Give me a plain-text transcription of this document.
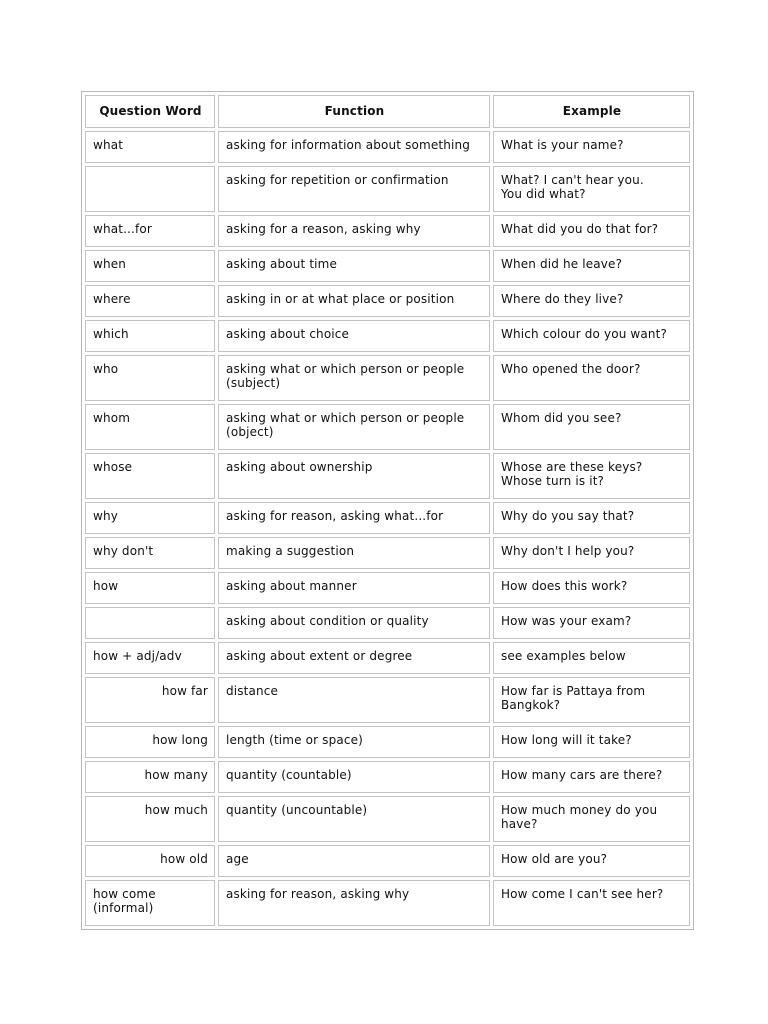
Question Word	Function	Example
what	asking for information about something	What is your name?
	asking for repetition or confirmation	What? I can't hear you.
You did what?
what...for	asking for a reason, asking why	What did you do that for?
when	asking about time	When did he leave?
where	asking in or at what place or position	Where do they live?
which	asking about choice	Which colour do you want?
who	asking what or which person or people (subject)	Who opened the door?
whom	asking what or which person or people (object)	Whom did you see?
whose	asking about ownership	Whose are these keys?
Whose turn is it?
why	asking for reason, asking what...for	Why do you say that?
why don't	making a suggestion	Why don't I help you?
how	asking about manner	How does this work?
	asking about condition or quality	How was your exam?
how + adj/adv	asking about extent or degree	see examples below
how far	distance	How far is Pattaya from Bangkok?
how long	length (time or space)	How long will it take?
how many	quantity (countable)	How many cars are there?
how much	quantity (uncountable)	How much money do you have?
how old	age	How old are you?
how come (informal)	asking for reason, asking why	How come I can't see her?
